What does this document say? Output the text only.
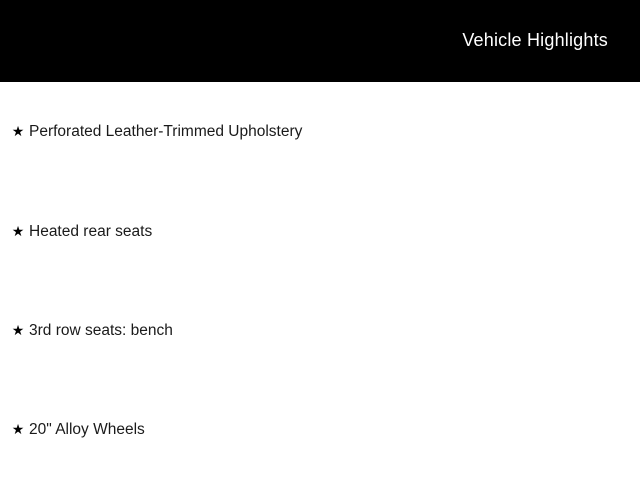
Vehicle Highlights
★ Perforated Leather-Trimmed Upholstery
★ Heated rear seats
★ 3rd row seats: bench
★ 20" Alloy Wheels
